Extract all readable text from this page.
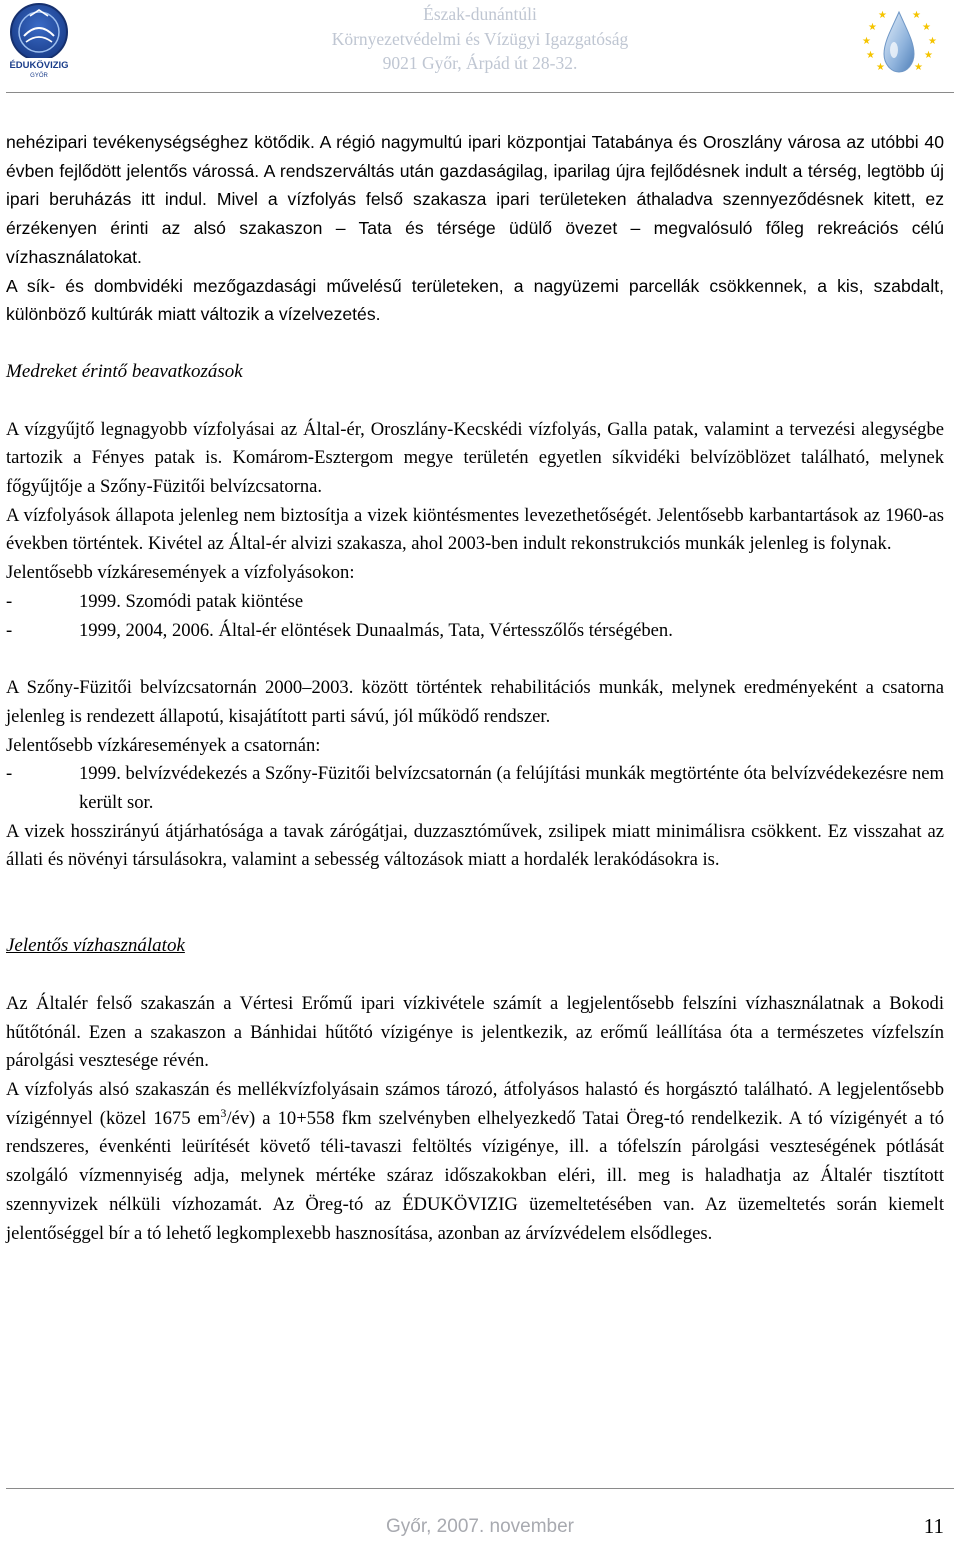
ÉDUKÖVIZIG
GYŐR
Észak-dunántúli
Környezetvédelmi és Vízügyi Igazgatóság
9021 Győr, Árpád út 28-32.
★
★
★
★
★	★
★
★
★
★

nehézipari tevékenységséghez kötődik. A régió nagymultú ipari központjai Tatabánya és Oroszlány városa az utóbbi 40 évben fejlődött jelentős várossá. A rendszerváltás után gazdaságilag, iparilag újra fejlődésnek indult a térség, legtöbb új ipari beruházás itt indul. Mivel a vízfolyás felső szakasza ipari területeken áthaladva szennyeződésnek kitett, ez érzékenyen érinti az alsó szakaszon – Tata és térsége üdülő övezet – megvalósuló főleg rekreációs célú vízhasználatokat.

A sík- és dombvidéki mezőgazdasági művelésű területeken, a nagyüzemi parcellák csökkennek, a kis, szabdalt, különböző kultúrák miatt változik a vízelvezetés.

Medreket érintő beavatkozások

A vízgyűjtő legnagyobb vízfolyásai az Által-ér, Oroszlány-Kecskédi vízfolyás, Galla patak, valamint a tervezési alegységbe tartozik a Fényes patak is. Komárom-Esztergom megye területén egyetlen síkvidéki belvízöblözet található, melynek főgyűjtője a Szőny-Füzitői belvízcsatorna.

A vízfolyások állapota jelenleg nem biztosítja a vizek kiöntésmentes levezethetőségét. Jelentősebb karbantartások az 1960-as években történtek. Kivétel az Által-ér alvizi szakasza, ahol 2003-ben indult rekonstrukciós munkák jelenleg is folynak.

Jelentősebb vízkáresemények a vízfolyásokon:

- 1999. Szomódi patak kiöntése
- 1999, 2004, 2006. Által-ér elöntések Dunaalmás, Tata, Vértesszőlős térségében.

A Szőny-Füzitői belvízcsatornán 2000–2003. között történtek rehabilitációs munkák, melynek eredményeként a csatorna jelenleg is rendezett állapotú, kisajátított parti sávú, jól működő rendszer.

Jelentősebb vízkáresemények a csatornán:

- 1999. belvízvédekezés a Szőny-Füzitői belvízcsatornán (a felújítási munkák megtörténte óta belvízvédekezésre nem került sor.

A vizek hosszirányú átjárhatósága a tavak zárógátjai, duzzasztóművek, zsilipek miatt minimálisra csökkent. Ez visszahat az állati és növényi társulásokra, valamint a sebesség változások miatt a hordalék lerakódásokra is.

Jelentős vízhasználatok

Az Általér felső szakaszán a Vértesi Erőmű ipari vízkivétele számít a legjelentősebb felszíni vízhasználatnak a Bokodi hűtőtónál. Ezen a szakaszon a Bánhidai hűtőtó vízigénye is jelentkezik, az erőmű leállítása óta a természetes vízfelszín párolgási vesztesége révén.

A vízfolyás alsó szakaszán és mellékvízfolyásain számos tározó, átfolyásos halastó és horgásztó található. A legjelentősebb vízigénnyel (közel 1675 $em^3/év$) a 10+558 fkm szelvényben elhelyezkedő Tatai Öreg-tó rendelkezik. A tó vízigényét a tó rendszeres, évenkénti leürítését követő téli-tavaszi feltöltés vízigénye, ill. a tófelszín párolgási veszteségének pótlását szolgáló vízmennyiség adja, melynek mértéke száraz időszakokban eléri, ill. meg is haladhatja az Általér tisztított szennyvizek nélküli vízhozamát. Az Öreg-tó az ÉDUKÖVIZIG üzemeltetésében van. Az üzemeltetés során kiemelt jelentőséggel bír a tó lehető legkomplexebb hasznosítása, azonban az árvízvédelem elsődleges.

Győr, 2007. november	11
